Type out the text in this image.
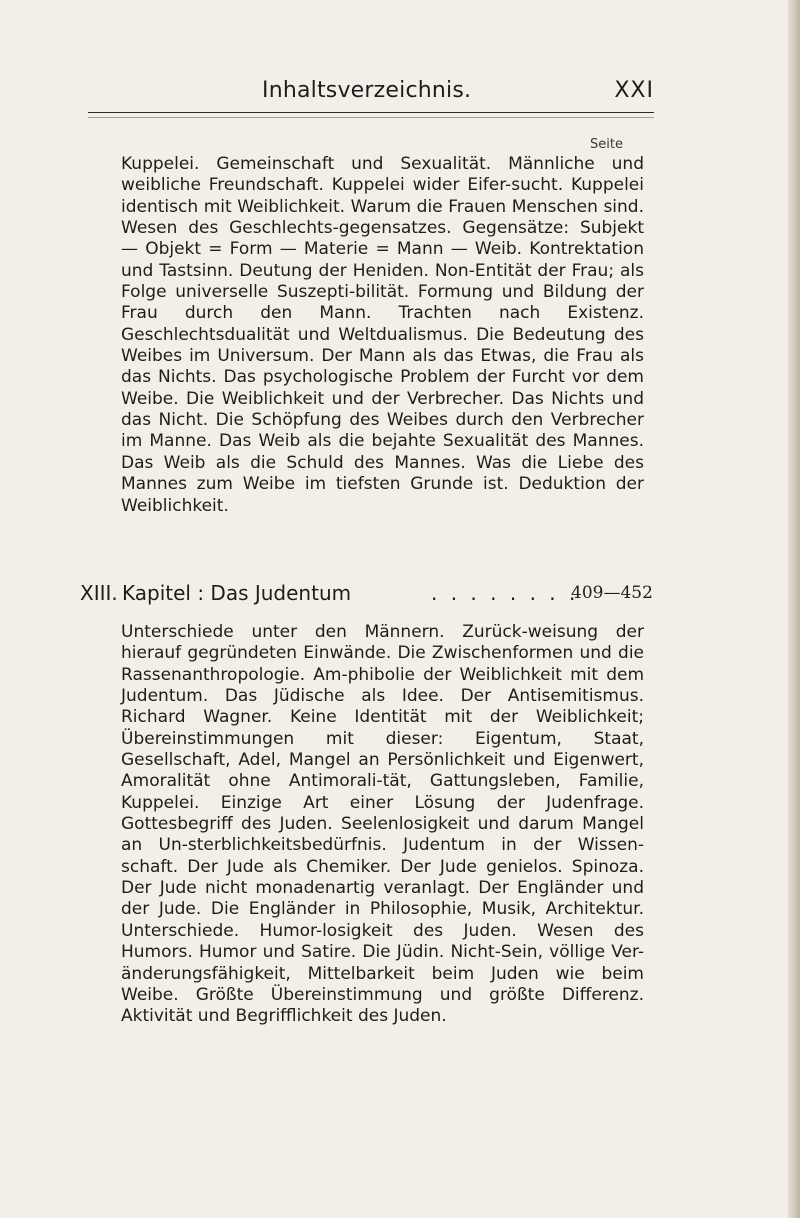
Inhaltsverzeichnis.	XXI
Seite

Kuppelei. Gemeinschaft und Sexualität. Männliche und weibliche Freundschaft. Kuppelei wider Eifer-sucht. Kuppelei identisch mit Weiblichkeit. Warum die Frauen Menschen sind. Wesen des Geschlechts-gegensatzes. Gegensätze: Subjekt — Objekt = Form — Materie = Mann — Weib. Kontrektation und Tastsinn. Deutung der Heniden. Non-Entität der Frau; als Folge universelle Suszepti-bilität. Formung und Bildung der Frau durch den Mann. Trachten nach Existenz. Geschlechtsdualität und Weltdualismus. Die Bedeutung des Weibes im Universum. Der Mann als das Etwas, die Frau als das Nichts. Das psychologische Problem der Furcht vor dem Weibe. Die Weiblichkeit und der Verbrecher. Das Nichts und das Nicht. Die Schöpfung des Weibes durch den Verbrecher im Manne. Das Weib als die bejahte Sexualität des Mannes. Das Weib als die Schuld des Mannes. Was die Liebe des Mannes zum Weibe im tiefsten Grunde ist. Deduktion der Weiblichkeit.

XIII. Kapitel : Das Judentum	. . . . . . . .
409—452

Unterschiede unter den Männern. Zurück-weisung der hierauf gegründeten Einwände. Die Zwischenformen und die Rassenanthropologie. Am-phibolie der Weiblichkeit mit dem Judentum. Das Jüdische als Idee. Der Antisemitismus. Richard Wagner. Keine Identität mit der Weiblichkeit; Übereinstimmungen mit dieser: Eigentum, Staat, Gesellschaft, Adel, Mangel an Persönlichkeit und Eigenwert, Amoralität ohne Antimorali-tät, Gattungsleben, Familie, Kuppelei. Einzige Art einer Lösung der Judenfrage. Gottesbegriff des Juden. Seelenlosigkeit und darum Mangel an Un-sterblichkeitsbedürfnis. Judentum in der Wissen-schaft. Der Jude als Chemiker. Der Jude genielos. Spinoza. Der Jude nicht monadenartig veranlagt. Der Engländer und der Jude. Die Engländer in Philosophie, Musik, Architektur. Unterschiede. Humor-losigkeit des Juden. Wesen des Humors. Humor und Satire. Die Jüdin. Nicht-Sein, völlige Ver-änderungsfähigkeit, Mittelbarkeit beim Juden wie beim Weibe. Größte Übereinstimmung und größte Differenz. Aktivität und Begrifflichkeit des Juden.
